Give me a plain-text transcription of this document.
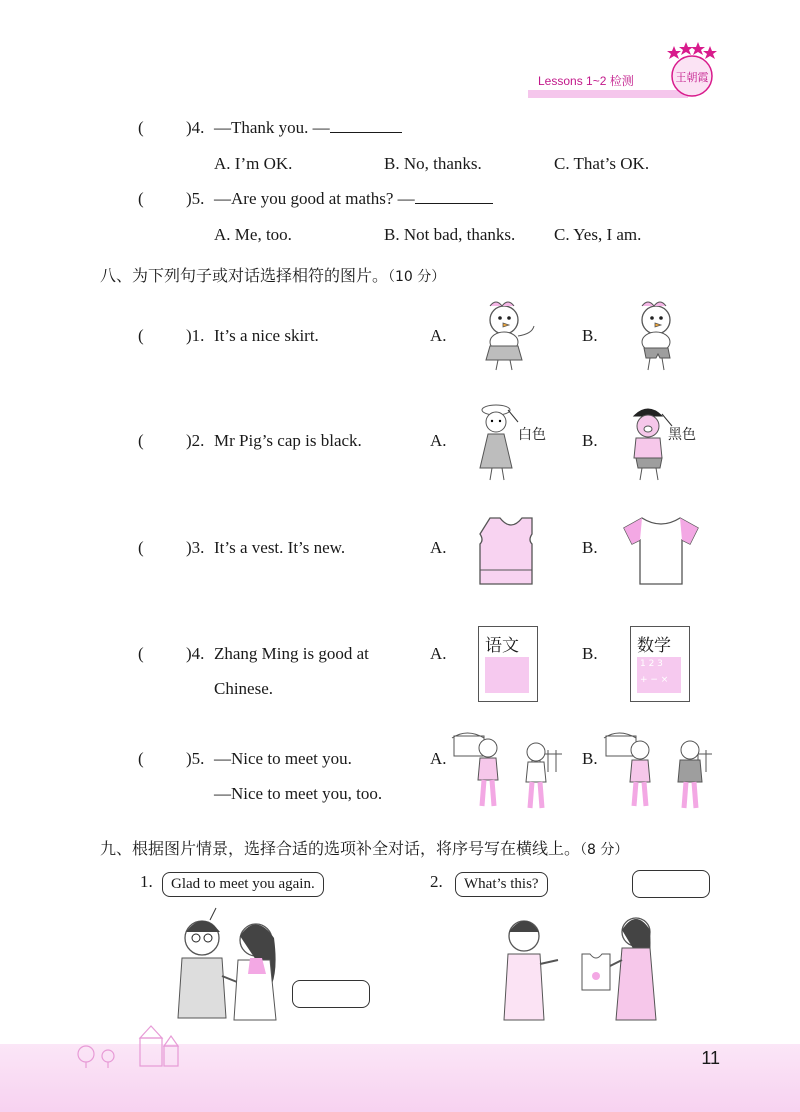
Lessons 1~2 检测	王朝霞
( )4. —Thank you. —
A. I’m OK.	B. No, thanks.	C. That’s OK.
( )5. —Are you good at maths? —
A. Me, too.	B. Not bad, thanks. C. Yes, I am.
八、为下列句子或对话选择相符的图片。（10 分）
( )1. It’s a nice skirt.	A.	B.
( )2. Mr Pig’s cap is black.	A.	B.
白色	黑色
( )3. It’s a vest. It’s new.	A.	B.
( )4. Zhang Ming is good at
Chinese.
A.	B.
语文	数学
1 2 3
+ − ×
( )5. —Nice to meet you.
—Nice to meet you, too.
A.	B.
九、根据图片情景，选择合适的选项补全对话，将序号写在横线上。（8 分）
1.	Glad to meet you again.	2.	What’s this?
11
